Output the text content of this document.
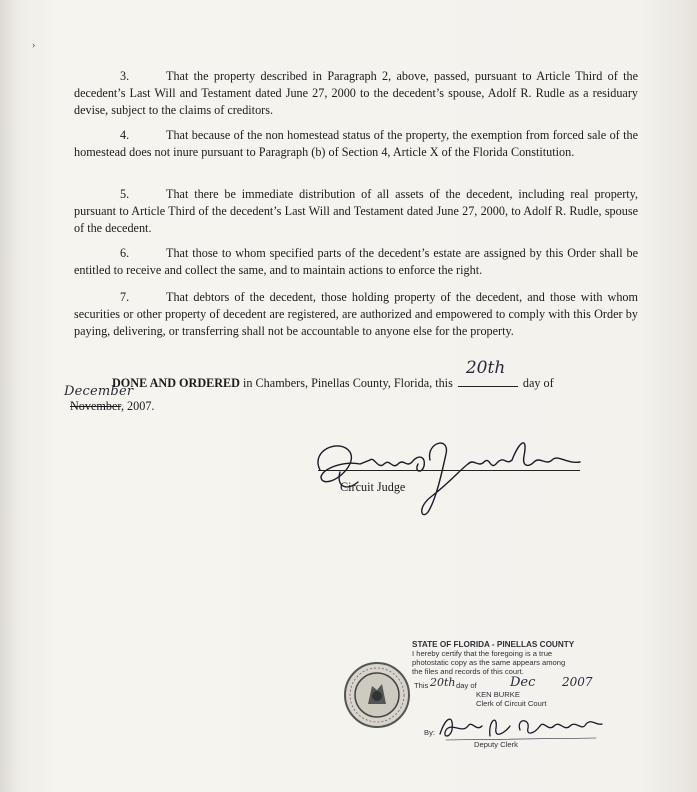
›
3.	That the property described in Paragraph 2, above, passed, pursuant to Article Third of the decedent’s Last Will and Testament dated June 27, 2000 to the decedent’s spouse, Adolf R. Rudle as a residuary devise, subject to the claims of creditors.
4.	That because of the non homestead status of the property, the exemption from forced sale of the homestead does not inure pursuant to Paragraph (b) of Section 4, Article X of the Florida Constitution.
5.	That there be immediate distribution of all assets of the decedent, including real property, pursuant to Article Third of the decedent’s Last Will and Testament dated June 27, 2000, to Adolf R. Rudle, spouse of the decedent.
6.	That those to whom specified parts of the decedent’s estate are assigned by this Order shall be entitled to receive and collect the same, and to maintain actions to enforce the right.
7.	That debtors of the decedent, those holding property of the decedent, and those with whom securities or other property of decedent are registered, are authorized and empowered to comply with this Order by paying, delivering, or transferring shall not be accountable to anyone else for the property.
DONE AND ORDERED in Chambers, Pinellas County, Florida, this
20th
day of
December
November, 2007.
Circuit Judge
STATE OF FLORIDA - PINELLAS COUNTY
I hereby certify that the foregoing is a true
photostatic copy as the same appears among
the files and records of this court.
This 20th day of	Dec 2007
KEN BURKE
Clerk of Circuit Court
By:
Deputy Clerk
